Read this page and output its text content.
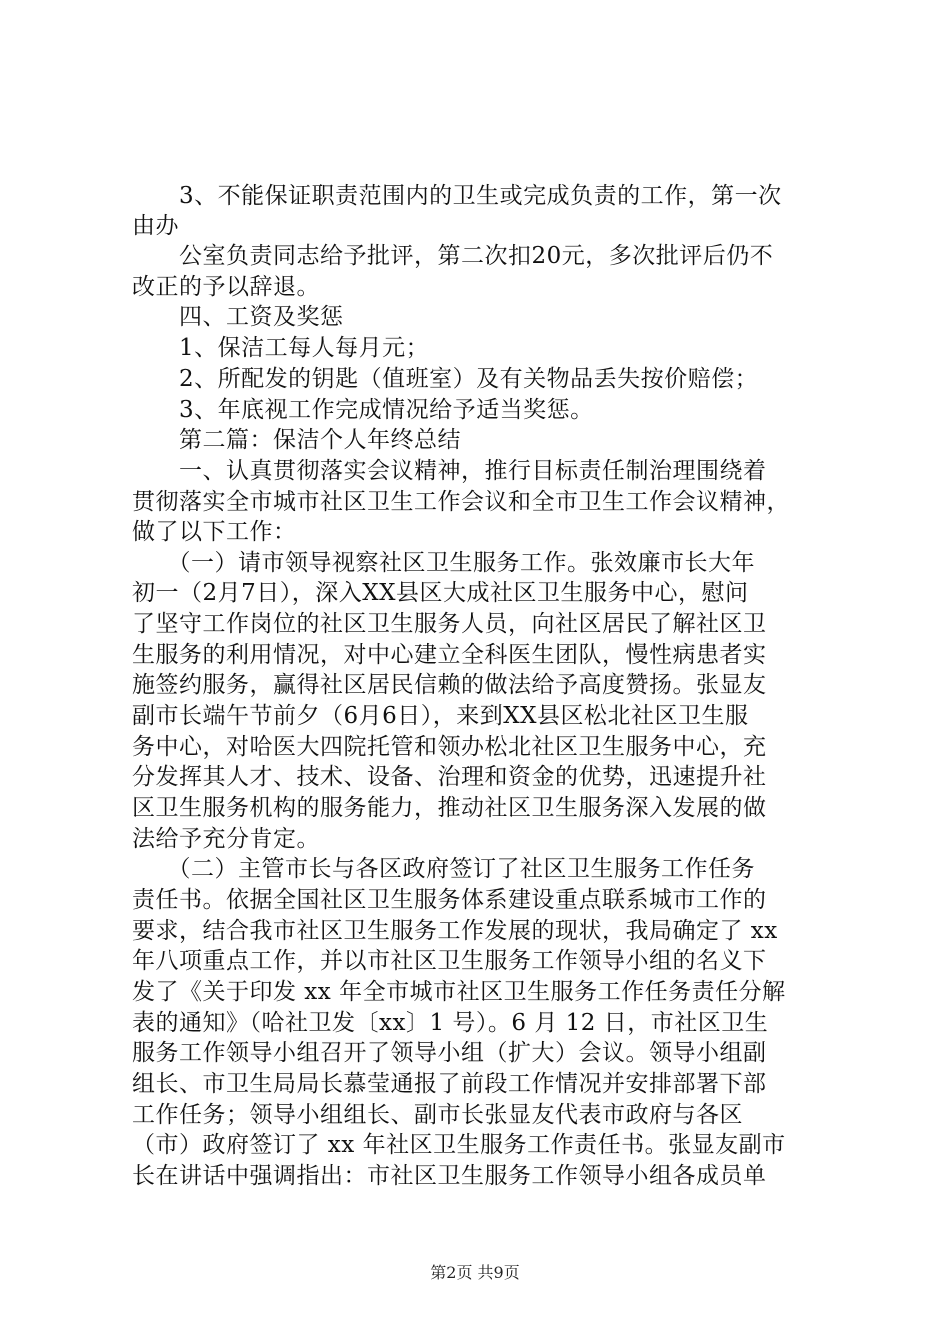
　　3、不能保证职责范围内的卫生或完成负责的工作，第一次
由办
　　公室负责同志给予批评，第二次扣20元，多次批评后仍不
改正的予以辞退。
　　四、工资及奖惩
　　1、保洁工每人每月元；
　　2、所配发的钥匙（值班室）及有关物品丢失按价赔偿；
　　3、年底视工作完成情况给予适当奖惩。
　　第二篇：保洁个人年终总结
　　一、认真贯彻落实会议精神，推行目标责任制治理围绕着
贯彻落实全市城市社区卫生工作会议和全市卫生工作会议精神，
做了以下工作：
　　（一）请市领导视察社区卫生服务工作。张效廉市长大年
初一（2月7日），深入XX县区大成社区卫生服务中心，慰问
了坚守工作岗位的社区卫生服务人员，向社区居民了解社区卫
生服务的利用情况，对中心建立全科医生团队，慢性病患者实
施签约服务，赢得社区居民信赖的做法给予高度赞扬。张显友
副市长端午节前夕（6月6日），来到XX县区松北社区卫生服
务中心，对哈医大四院托管和领办松北社区卫生服务中心，充
分发挥其人才、技术、设备、治理和资金的优势，迅速提升社
区卫生服务机构的服务能力，推动社区卫生服务深入发展的做
法给予充分肯定。
　　（二）主管市长与各区政府签订了社区卫生服务工作任务
责任书。依据全国社区卫生服务体系建设重点联系城市工作的
要求，结合我市社区卫生服务工作发展的现状，我局确定了 xx
年八项重点工作，并以市社区卫生服务工作领导小组的名义下
发了《关于印发 xx 年全市城市社区卫生服务工作任务责任分解
表的通知》（哈社卫发〔xx〕1 号）。6 月 12 日，市社区卫生
服务工作领导小组召开了领导小组（扩大）会议。领导小组副
组长、市卫生局局长慕莹通报了前段工作情况并安排部署下部
工作任务；领导小组组长、副市长张显友代表市政府与各区
（市）政府签订了 xx 年社区卫生服务工作责任书。张显友副市
长在讲话中强调指出：市社区卫生服务工作领导小组各成员单
第2页 共9页
